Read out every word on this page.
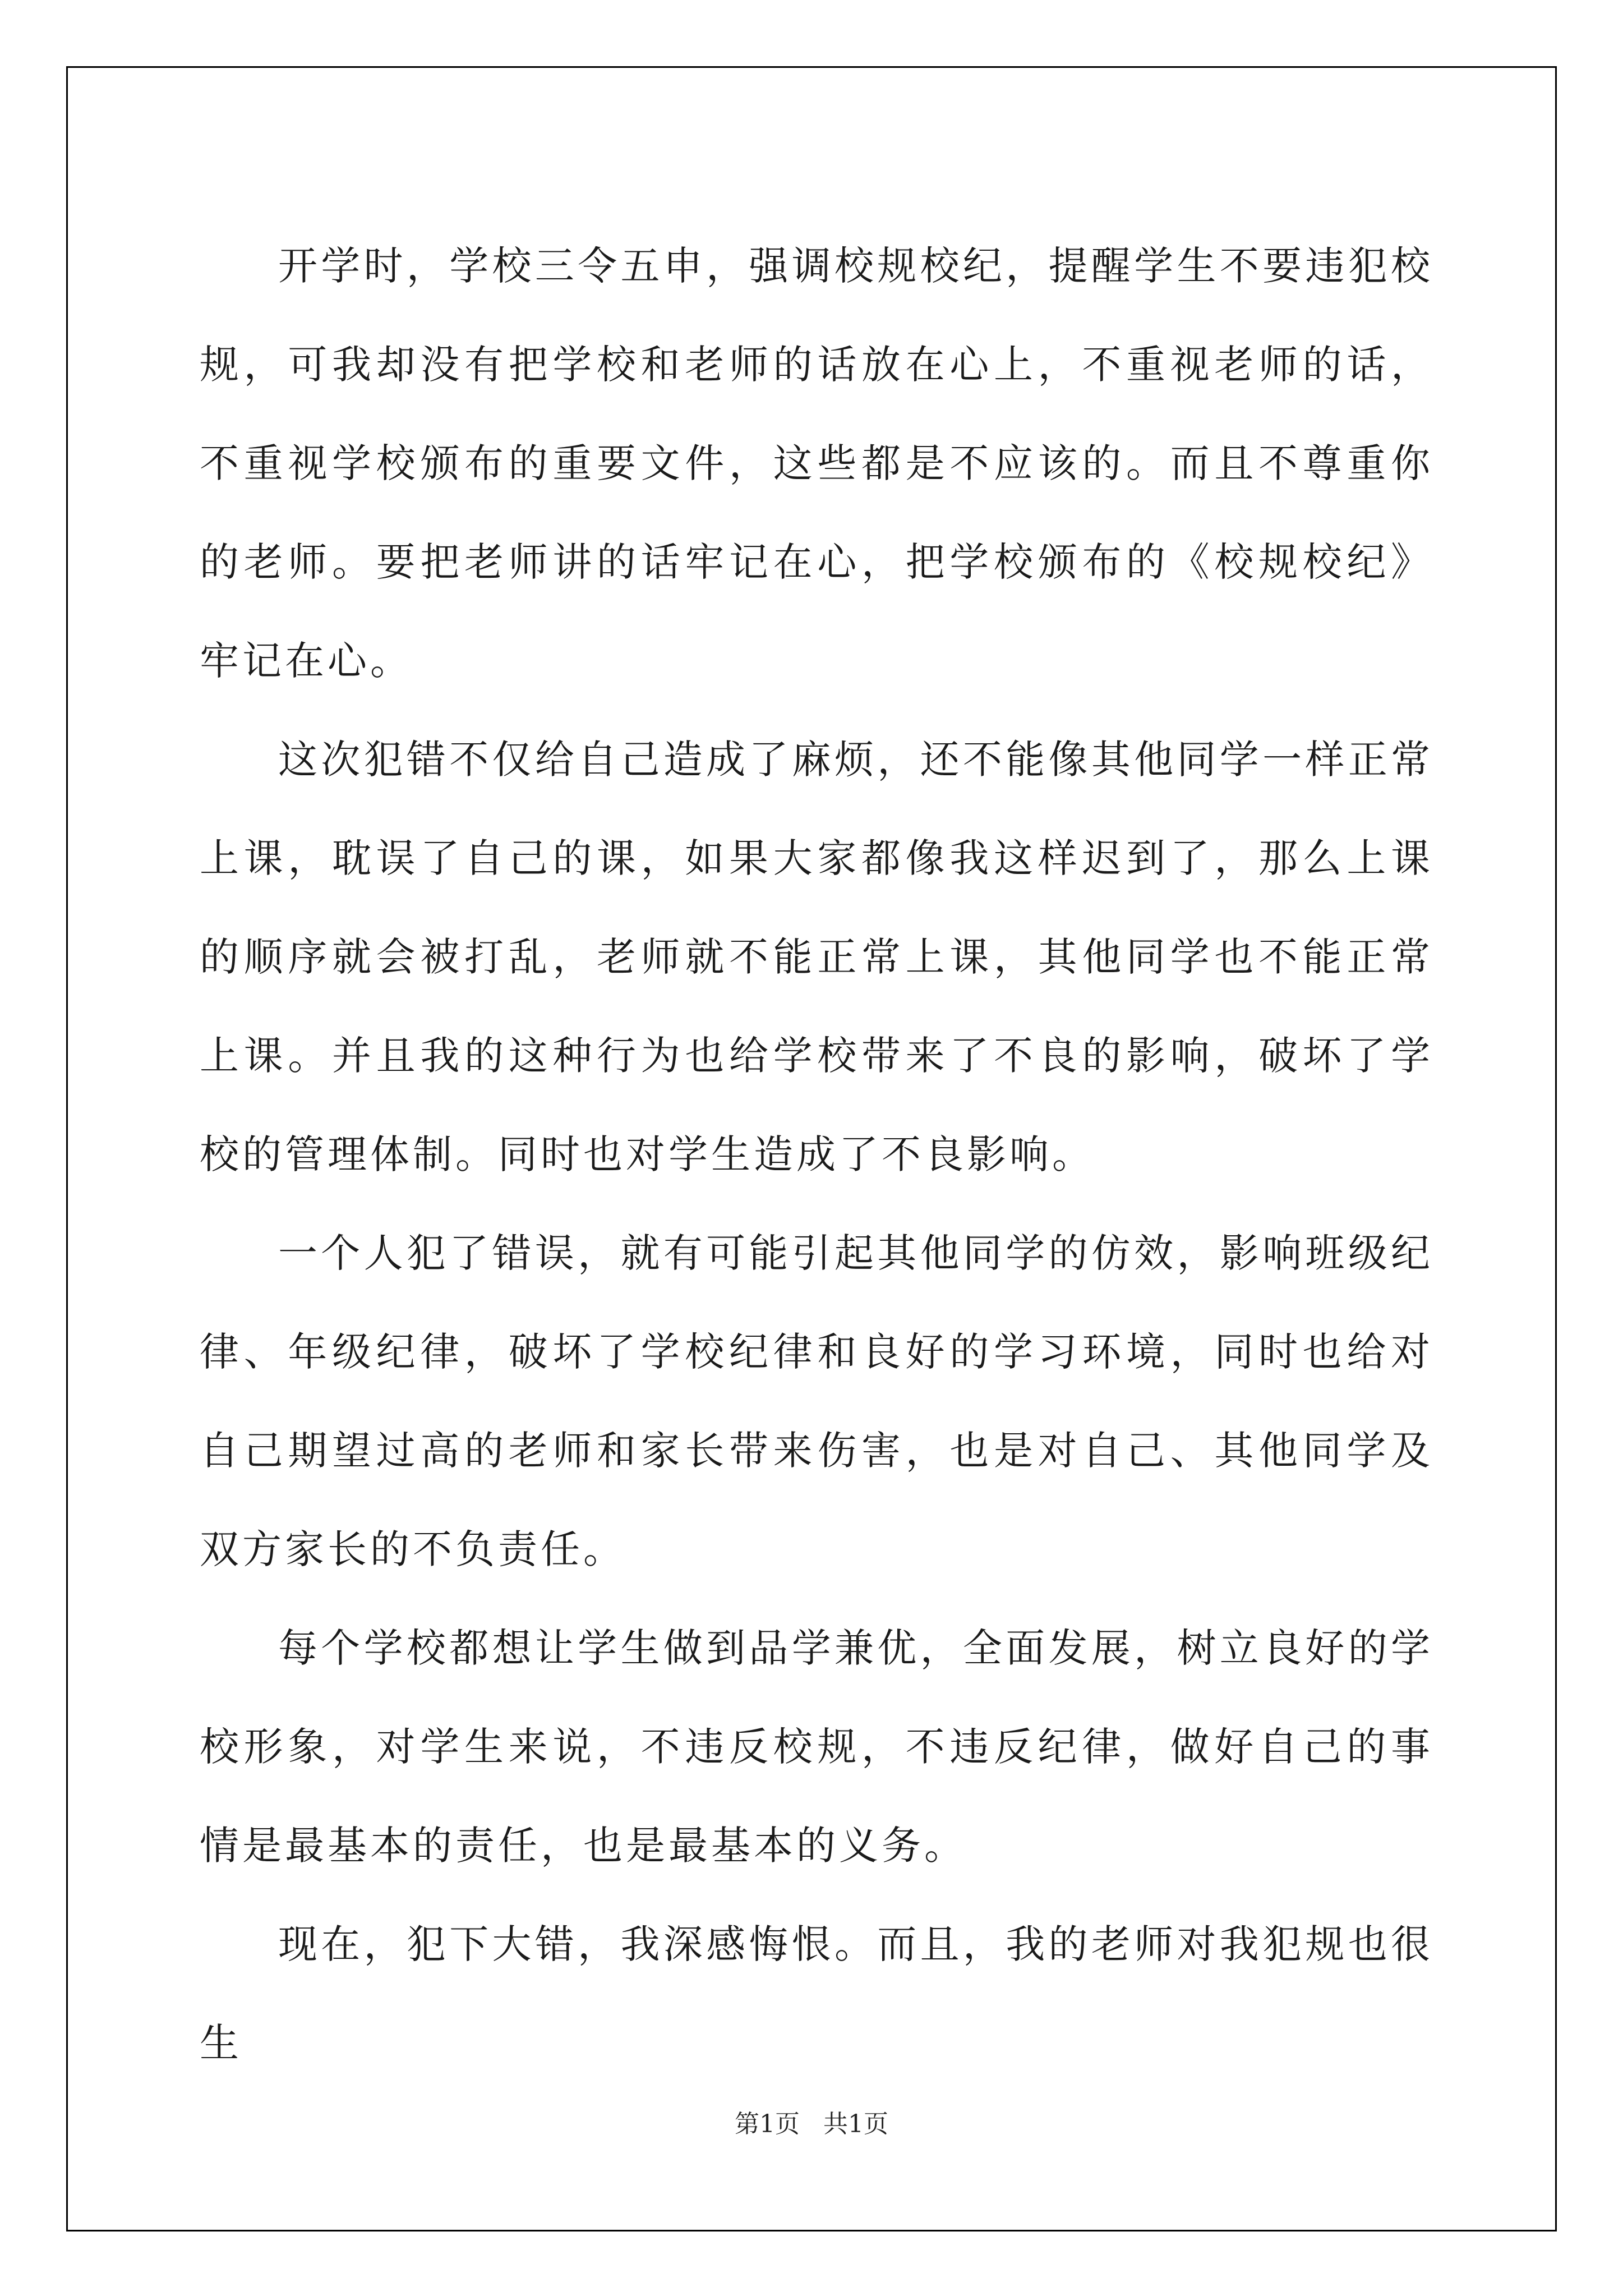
开学时，学校三令五申，强调校规校纪，提醒学生不要违犯校规，可我却没有把学校和老师的话放在心上，不重视老师的话，不重视学校颁布的重要文件，这些都是不应该的。而且不尊重你的老师。要把老师讲的话牢记在心，把学校颁布的《校规校纪》牢记在心。

这次犯错不仅给自己造成了麻烦，还不能像其他同学一样正常上课，耽误了自己的课，如果大家都像我这样迟到了，那么上课的顺序就会被打乱，老师就不能正常上课，其他同学也不能正常上课。并且我的这种行为也给学校带来了不良的影响，破坏了学校的管理体制。同时也对学生造成了不良影响。

一个人犯了错误，就有可能引起其他同学的仿效，影响班级纪律、年级纪律，破坏了学校纪律和良好的学习环境，同时也给对自己期望过高的老师和家长带来伤害，也是对自己、其他同学及双方家长的不负责任。

每个学校都想让学生做到品学兼优，全面发展，树立良好的学校形象，对学生来说，不违反校规，不违反纪律，做好自己的事情是最基本的责任，也是最基本的义务。

现在，犯下大错，我深感悔恨。而且，我的老师对我犯规也很生

第1页   共1页
